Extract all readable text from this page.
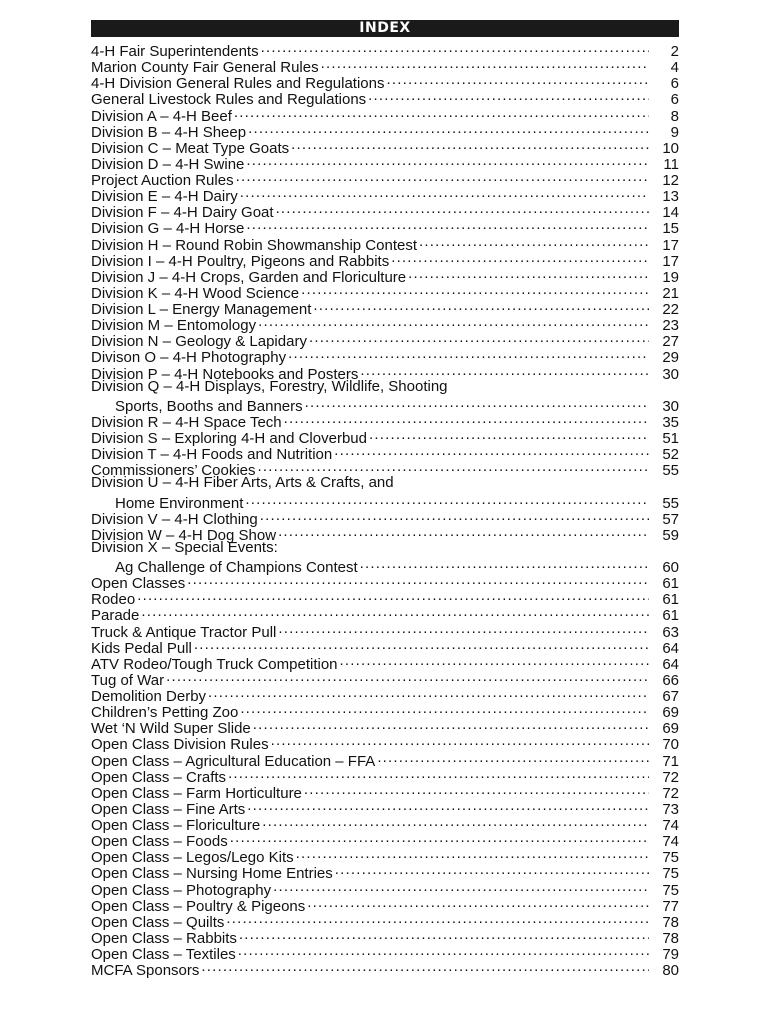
INDEX
4-H Fair Superintendents .....	2
Marion County Fair General Rules .....	4
4-H Division General Rules and Regulations .....	6
General Livestock Rules and Regulations .....	6
Division A – 4-H Beef .....	8
Division B – 4-H Sheep .....	9
Division C – Meat Type Goats .....	10
Division D – 4-H Swine .....	11
Project Auction Rules .....	12
Division E – 4-H Dairy .....	13
Division F – 4-H Dairy Goat .....	14
Division G – 4-H Horse .....	15
Division H – Round Robin Showmanship Contest .....	17
Division I – 4-H Poultry, Pigeons and Rabbits .....	17
Division J – 4-H Crops, Garden and Floriculture .....	19
Division K – 4-H Wood Science .....	21
Division L – Energy Management .....	22
Division M – Entomology .....	23
Division N – Geology & Lapidary .....	27
Divison O – 4-H Photography .....	29
Division P – 4-H Notebooks and Posters .....	30
Division Q – 4-H Displays, Forestry, Wildlife, Shooting
Sports, Booths and Banners .....	30
Division R – 4-H Space Tech .....	35
Division S – Exploring 4-H and Cloverbud .....	51
Division T – 4-H Foods and Nutrition .....	52
Commissioners’ Cookies .....	55
Division U – 4-H Fiber Arts, Arts & Crafts, and
Home Environment .....	55
Division V – 4-H Clothing .....	57
Division W – 4-H Dog Show .....	59
Division X – Special Events:
Ag Challenge of Champions Contest .....	60
Open Classes .....	61
Rodeo .....	61
Parade .....	61
Truck & Antique Tractor Pull .....	63
Kids Pedal Pull .....	64
ATV Rodeo/Tough Truck Competition .....	64
Tug of War .....	66
Demolition Derby .....	67
Children’s Petting Zoo .....	69
Wet ‘N Wild Super Slide .....	69
Open Class Division Rules .....	70
Open Class – Agricultural Education – FFA .....	71
Open Class – Crafts .....	72
Open Class – Farm Horticulture .....	72
Open Class – Fine Arts .....	73
Open Class – Floriculture .....	74
Open Class – Foods .....	74
Open Class – Legos/Lego Kits .....	75
Open Class – Nursing Home Entries .....	75
Open Class – Photography .....	75
Open Class – Poultry & Pigeons .....	77
Open Class – Quilts .....	78
Open Class – Rabbits .....	78
Open Class – Textiles .....	79
MCFA Sponsors .....	80
